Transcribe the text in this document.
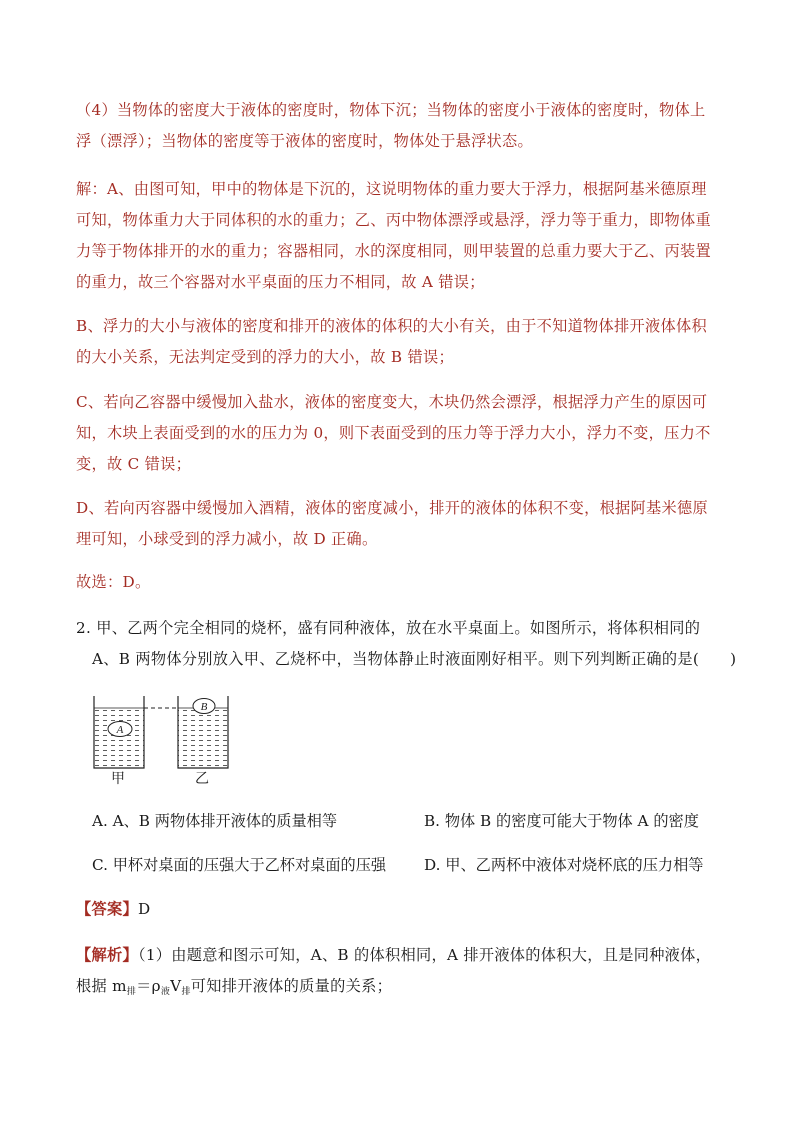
（4）当物体的密度大于液体的密度时，物体下沉；当物体的密度小于液体的密度时，物体上
浮（漂浮）；当物体的密度等于液体的密度时，物体处于悬浮状态。
解：A、由图可知，甲中的物体是下沉的，这说明物体的重力要大于浮力，根据阿基米德原理
可知，物体重力大于同体积的水的重力；乙、丙中物体漂浮或悬浮，浮力等于重力，即物体重
力等于物体排开的水的重力；容器相同，水的深度相同，则甲装置的总重力要大于乙、丙装置
的重力，故三个容器对水平桌面的压力不相同，故 A 错误；
B、浮力的大小与液体的密度和排开的液体的体积的大小有关，由于不知道物体排开液体体积
的大小关系，无法判定受到的浮力的大小，故 B 错误；
C、若向乙容器中缓慢加入盐水，液体的密度变大，木块仍然会漂浮，根据浮力产生的原因可
知，木块上表面受到的水的压力为 0，则下表面受到的压力等于浮力大小，浮力不变，压力不
变，故 C 错误；
D、若向丙容器中缓慢加入酒精，液体的密度减小，排开的液体的体积不变，根据阿基米德原
理可知，小球受到的浮力减小，故 D 正确。
故选：D。
2. 甲、乙两个完全相同的烧杯，盛有同种液体，放在水平桌面上。如图所示，将体积相同的
A、B 两物体分别放入甲、乙烧杯中，当物体静止时液面刚好相平。则下列判断正确的是(　　)
A
B
甲	乙
A. A、B 两物体排开液体的质量相等	B. 物体 B 的密度可能大于物体 A 的密度
C. 甲杯对桌面的压强大于乙杯对桌面的压强 D. 甲、乙两杯中液体对烧杯底的压力相等
【答案】D
【解析】（1）由题意和图示可知，A、B 的体积相同，A 排开液体的体积大，且是同种液体，
根据 $m_排=\rho_液V_排$可知排开液体的质量的关系；
